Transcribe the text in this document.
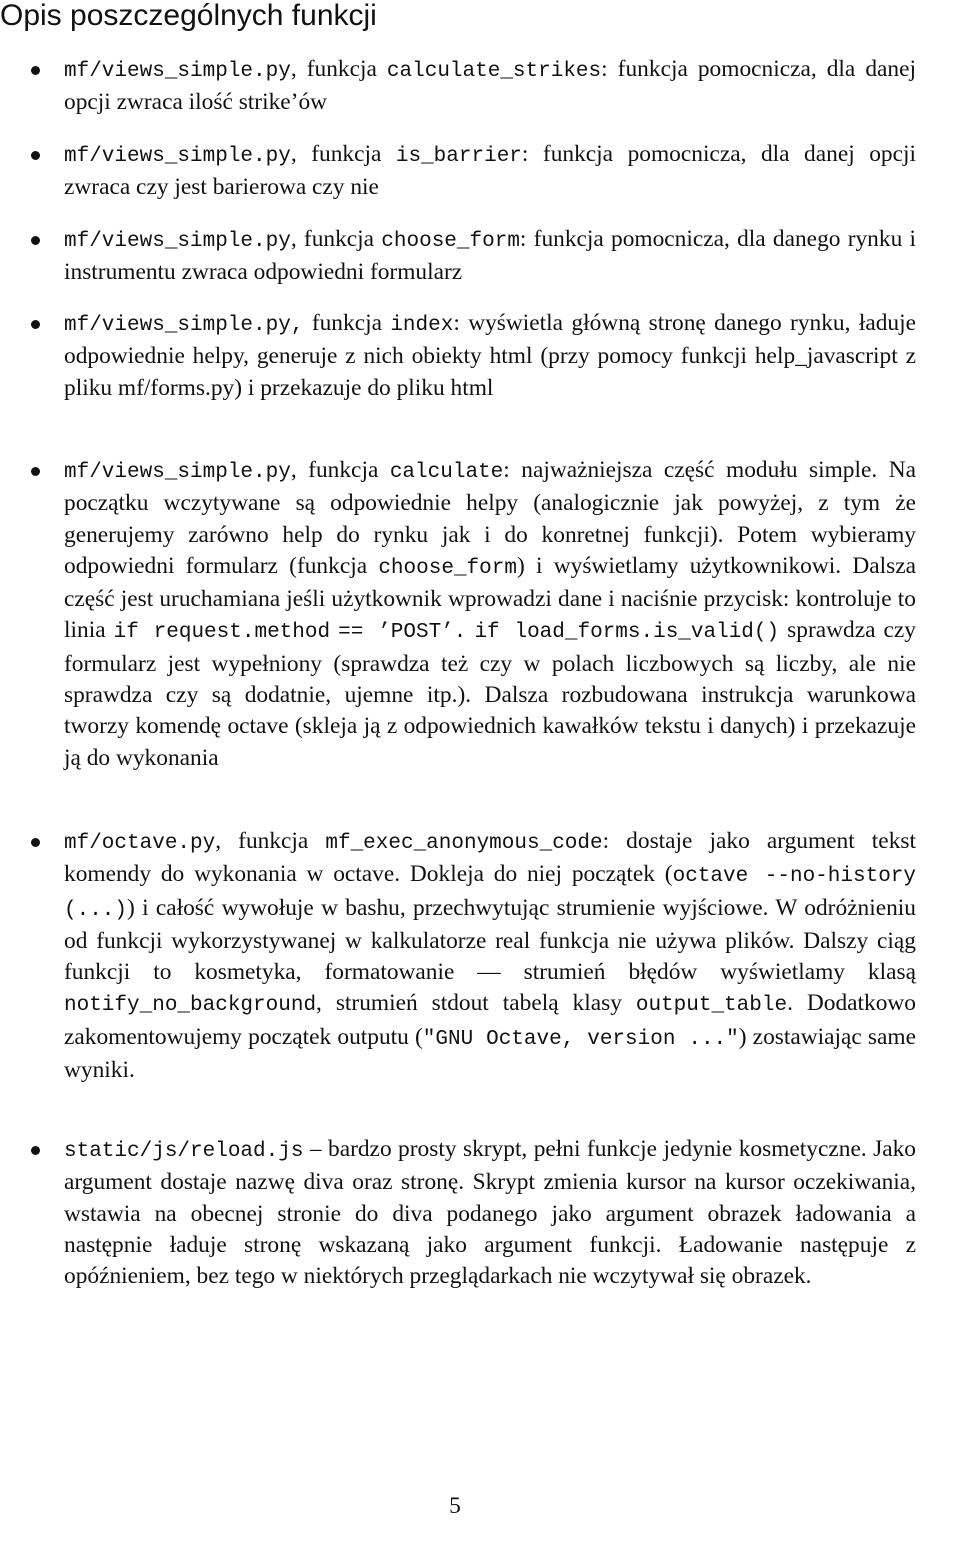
Opis poszczególnych funkcji
mf/views_simple.py, funkcja calculate_strikes: funkcja pomocnicza, dla danej opcji zwraca ilość strike’ów
mf/views_simple.py, funkcja is_barrier: funkcja pomocnicza, dla danej opcji zwraca czy jest barierowa czy nie
mf/views_simple.py, funkcja choose_form: funkcja pomocnicza, dla danego rynku i instrumentu zwraca odpowiedni formularz
mf/views_simple.py, funkcja index: wyświetla główną stronę danego rynku, ładuje odpowiednie helpy, generuje z nich obiekty html (przy pomocy funkcji help_javascript z pliku mf/forms.py) i przekazuje do pliku html
mf/views_simple.py, funkcja calculate: najważniejsza część modułu simple. Na początku wczytywane są odpowiednie helpy (analogicznie jak powyżej, z tym że generujemy zarówno help do rynku jak i do konretnej funkcji). Potem wybieramy odpowiedni formularz (funkcja choose_form) i wyświetlamy użytkownikowi. Dalsza część jest uruchamiana jeśli użytkownik wprowadzi dane i naciśnie przycisk: kontroluje to linia if request.method == ’POST’. if load_forms.is_valid() sprawdza czy formularz jest wypełniony (sprawdza też czy w polach liczbowych są liczby, ale nie sprawdza czy są dodatnie, ujemne itp.). Dalsza rozbudowana instrukcja warunkowa tworzy komendę octave (skleja ją z odpowiednich kawałków tekstu i danych) i przekazuje ją do wykonania
mf/octave.py, funkcja mf_exec_anonymous_code: dostaje jako argument tekst komendy do wykonania w octave. Dokleja do niej początek (octave --no-history (...)) i całość wywołuje w bashu, przechwytując strumienie wyjściowe. W odróżnieniu od funkcji wykorzystywanej w kalkulatorze real funkcja nie używa plików. Dalszy ciąg funkcji to kosmetyka, formatowanie — strumień błędów wyświetlamy klasą notify_no_background, strumień stdout tabelą klasy output_table. Dodatkowo zakomentowujemy początek outputu ("GNU Octave, version ...") zostawiając same wyniki.
static/js/reload.js – bardzo prosty skrypt, pełni funkcje jedynie kosmetyczne. Jako argument dostaje nazwę diva oraz stronę. Skrypt zmienia kursor na kursor oczekiwania, wstawia na obecnej stronie do diva podanego jako argument obrazek ładowania a następnie ładuje stronę wskazaną jako argument funkcji. Ładowanie następuje z opóźnieniem, bez tego w niektórych przeglądarkach nie wczytywał się obrazek.
5
